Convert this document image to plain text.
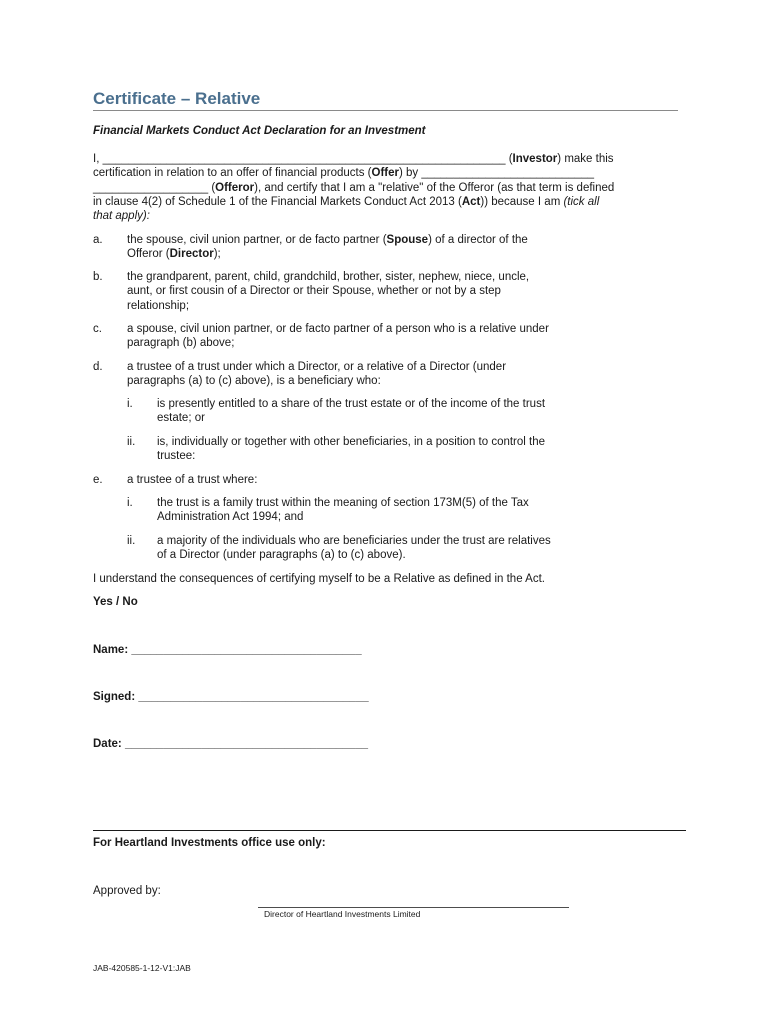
Certificate – Relative
Financial Markets Conduct Act Declaration for an Investment
I, _______________________________________________________________ (Investor) make this
certification in relation to an offer of financial products (Offer) by ___________________________
__________________ (Offeror), and certify that I am a "relative" of the Offeror (as that term is defined
in clause 4(2) of Schedule 1 of the Financial Markets Conduct Act 2013 (Act)) because I am (tick all
that apply):
a. the spouse, civil union partner, or de facto partner (Spouse) of a director of the
Offeror (Director);
b. the grandparent, parent, child, grandchild, brother, sister, nephew, niece, uncle,
aunt, or first cousin of a Director or their Spouse, whether or not by a step
relationship;
c. a spouse, civil union partner, or de facto partner of a person who is a relative under
paragraph (b) above;
d. a trustee of a trust under which a Director, or a relative of a Director (under
paragraphs (a) to (c) above), is a beneficiary who:
i. is presently entitled to a share of the trust estate or of the income of the trust
estate; or
ii. is, individually or together with other beneficiaries, in a position to control the
trustee:
e. a trustee of a trust where:
i. the trust is a family trust within the meaning of section 173M(5) of the Tax
Administration Act 1994; and
ii. a majority of the individuals who are beneficiaries under the trust are relatives
of a Director (under paragraphs (a) to (c) above).
I understand the consequences of certifying myself to be a Relative as defined in the Act.
Yes / No
Name: ____________________________________
Signed: ____________________________________
Date: ______________________________________
For Heartland Investments office use only:
Approved by:
Director of Heartland Investments Limited
JAB-420585-1-12-V1:JAB
